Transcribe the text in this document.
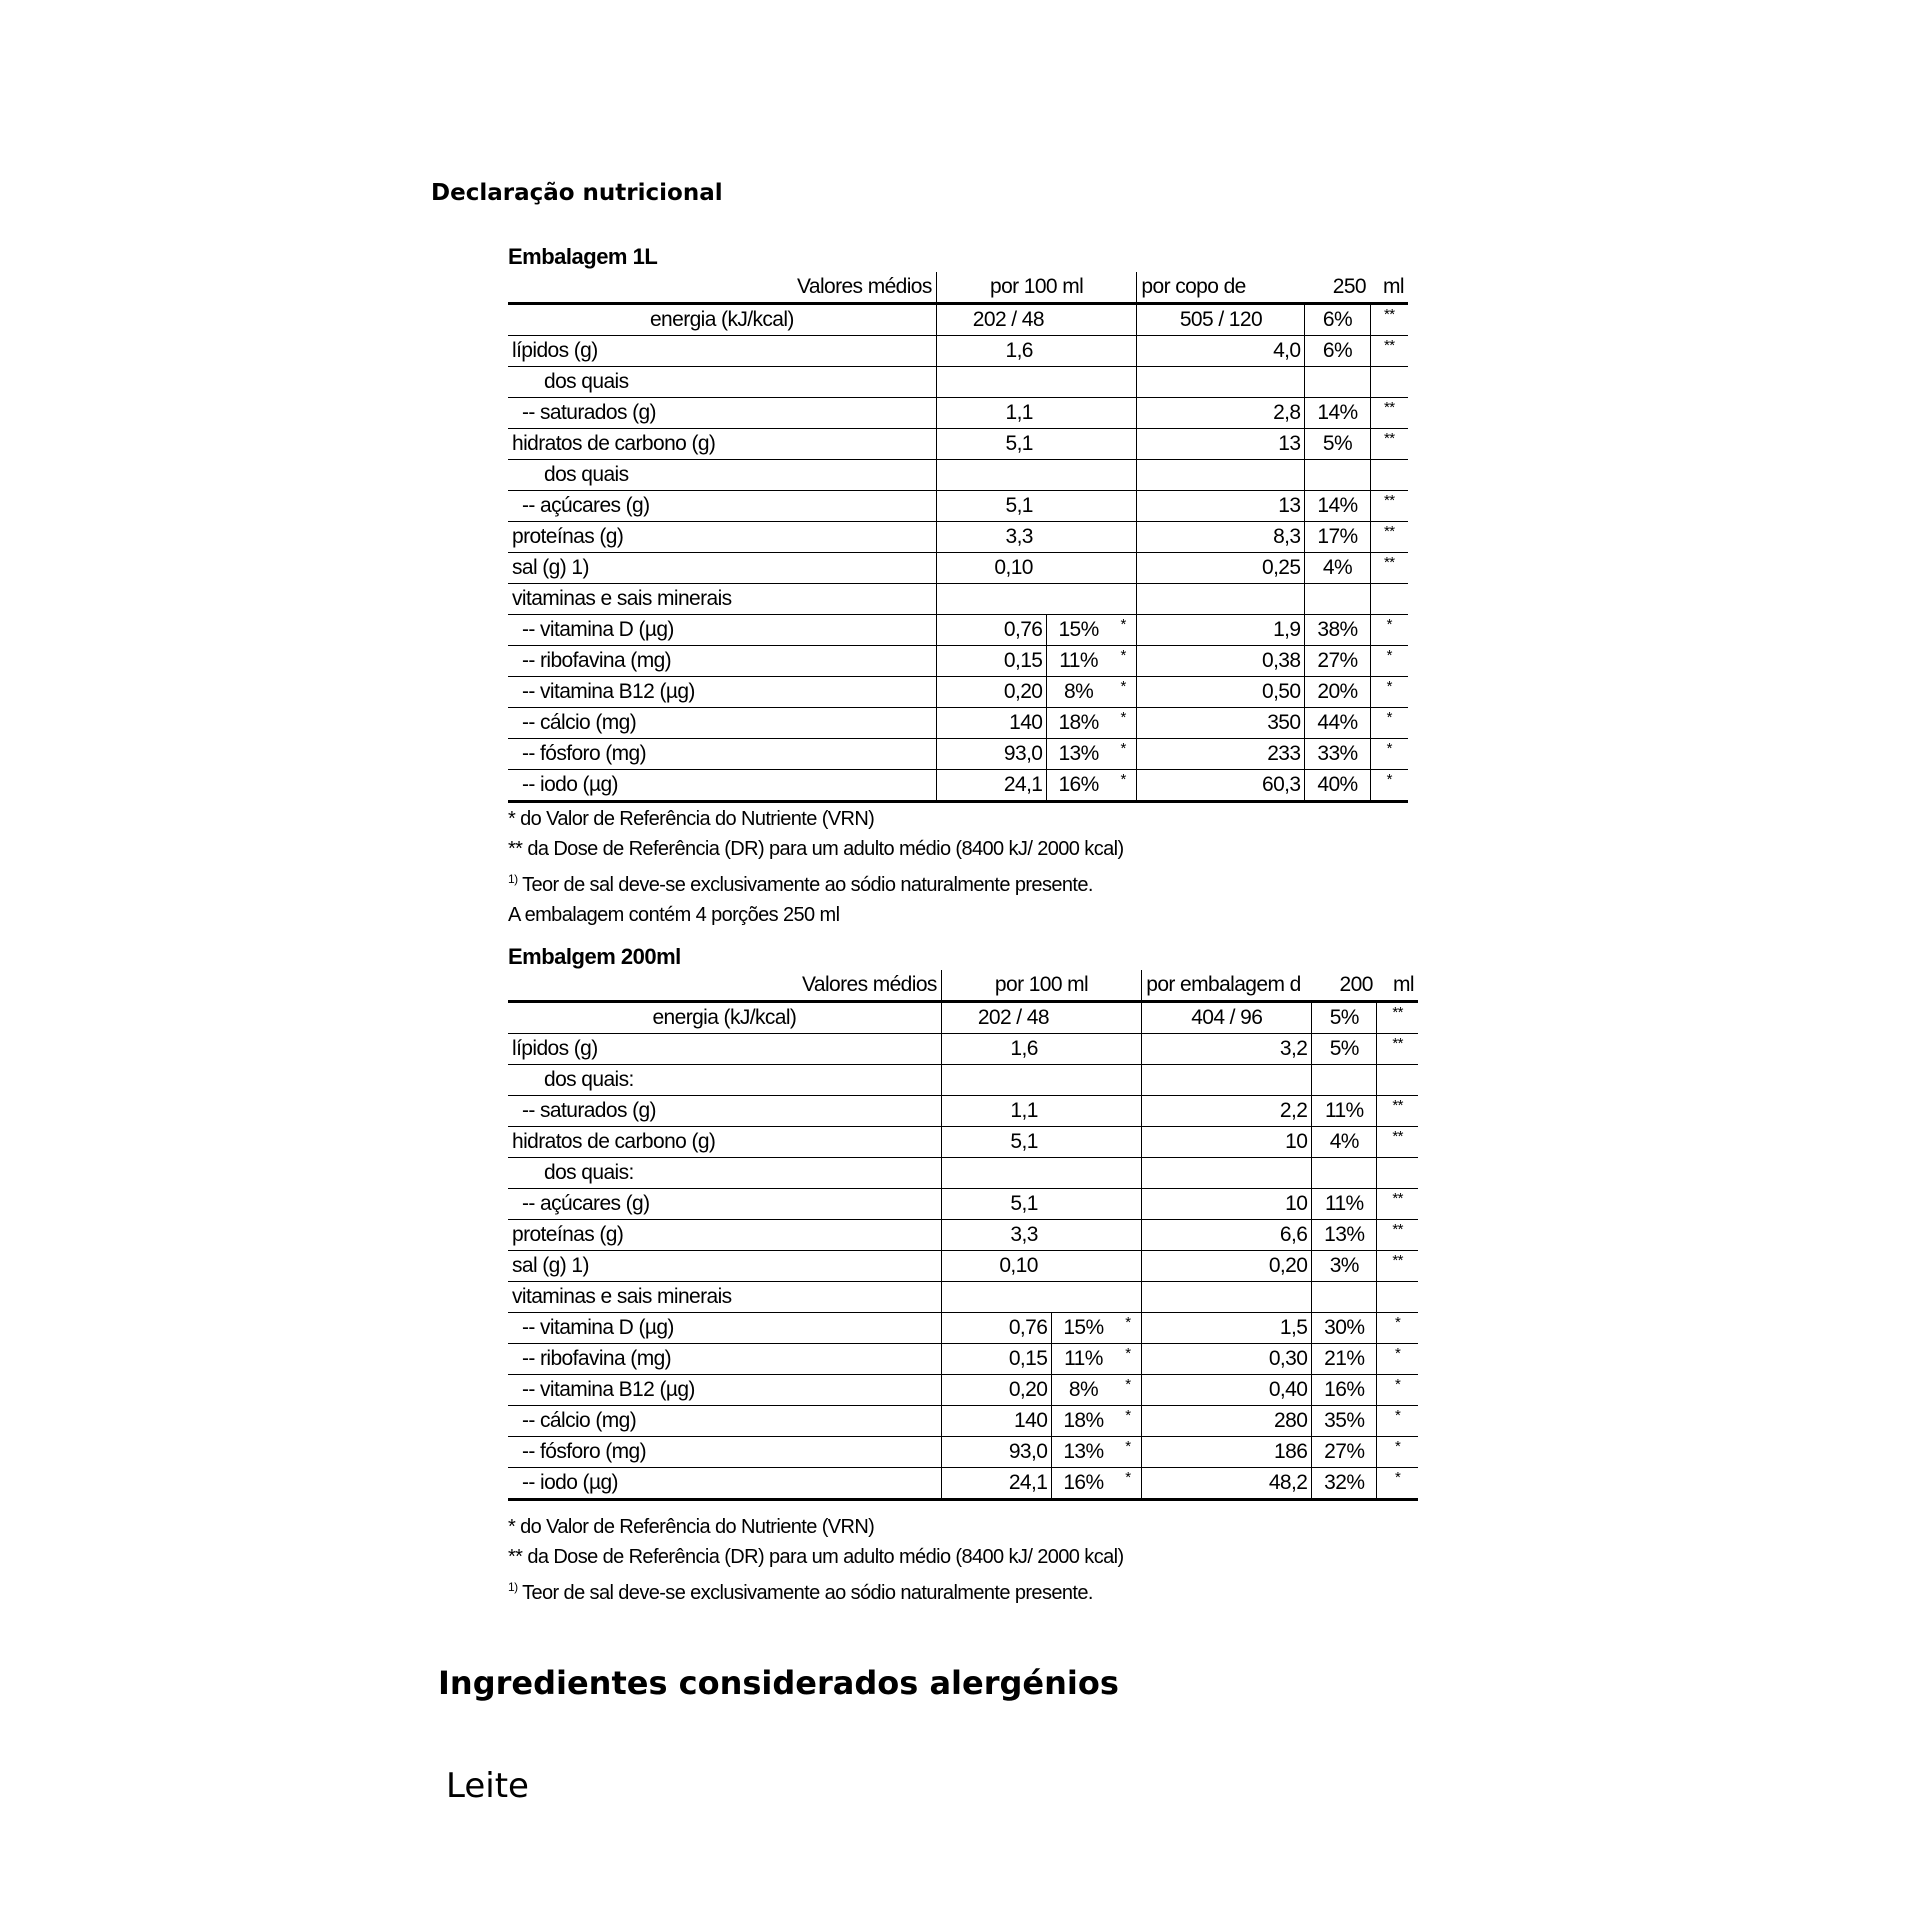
Declaração nutricional
Embalagem 1L
Valores médios	por 100 ml			por copo de	250	ml
energia (kJ/kcal)	202 / 48			505 / 120	6%	**
lípidos (g)	1,6			4,0	6%	**
dos quais						
-- saturados (g)	1,1			2,8	14%	**
hidratos de carbono (g)	5,1			13	5%	**
dos quais						
-- açúcares (g)	5,1			13	14%	**
proteínas (g)	3,3			8,3	17%	**
sal (g) 1)	0,10			0,25	4%	**
vitaminas e sais minerais						
-- vitamina D (µg)	0,76	15%	*	1,9	38%	*
-- ribofavina (mg)	0,15	11%	*	0,38	27%	*
-- vitamina B12 (µg)	0,20	8%	*	0,50	20%	*
-- cálcio (mg)	140	18%	*	350	44%	*
-- fósforo (mg)	93,0	13%	*	233	33%	*
-- iodo (µg)	24,1	16%	*	60,3	40%	*
* do Valor de Referência do Nutriente (VRN)
** da Dose de Referência (DR) para um adulto médio (8400 kJ/ 2000 kcal)
$^{1)}$ Teor de sal deve-se exclusivamente ao sódio naturalmente presente.
A embalagem contém 4 porções 250 ml
Embalgem 200ml
Valores médios	por 100 ml			por embalagem d	200	ml
energia (kJ/kcal)	202 / 48			404 / 96	5%	**
lípidos (g)	1,6			3,2	5%	**
dos quais:						
-- saturados (g)	1,1			2,2	11%	**
hidratos de carbono (g)	5,1			10	4%	**
dos quais:						
-- açúcares (g)	5,1			10	11%	**
proteínas (g)	3,3			6,6	13%	**
sal (g) 1)	0,10			0,20	3%	**
vitaminas e sais minerais						
-- vitamina D (µg)	0,76	15%	*	1,5	30%	*
-- ribofavina (mg)	0,15	11%	*	0,30	21%	*
-- vitamina B12 (µg)	0,20	8%	*	0,40	16%	*
-- cálcio (mg)	140	18%	*	280	35%	*
-- fósforo (mg)	93,0	13%	*	186	27%	*
-- iodo (µg)	24,1	16%	*	48,2	32%	*
* do Valor de Referência do Nutriente (VRN)
** da Dose de Referência (DR) para um adulto médio (8400 kJ/ 2000 kcal)
$^{1)}$ Teor de sal deve-se exclusivamente ao sódio naturalmente presente.
Ingredientes considerados alergénios

Leite
